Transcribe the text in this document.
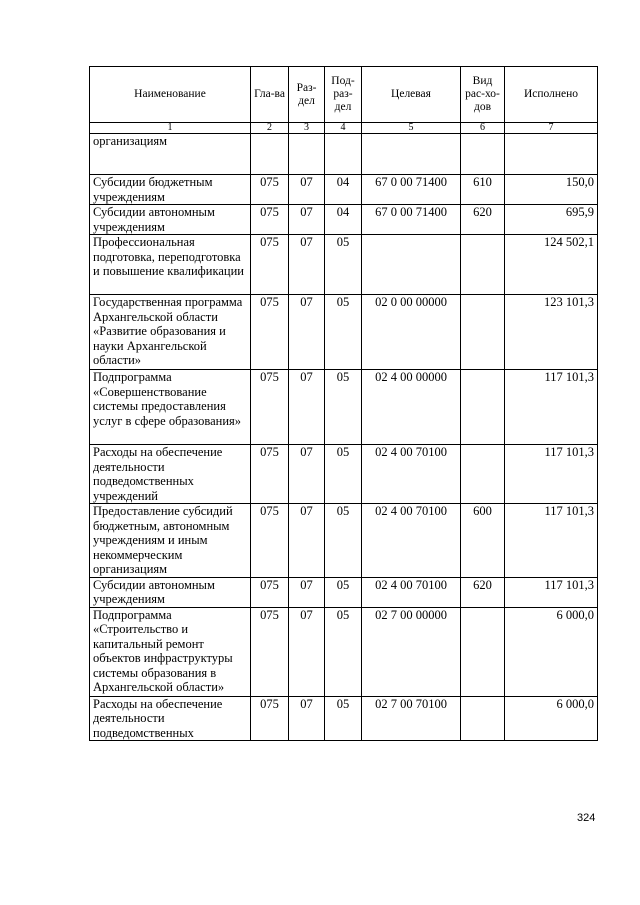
Наименование	Гла-ва	Раз-дел	Под-раз-дел	Целевая	Вид рас-хо-дов	Исполнено
1	2	3	4	5	6	7
организациям						
Субсидии бюджетным учреждениям	075	07	04	67 0 00 71400	610	150,0
Субсидии автономным учреждениям	075	07	04	67 0 00 71400	620	695,9
Профессиональная подготовка, переподготовка и повышение квалификации	075	07	05			124 502,1
Государственная программа Архангельской области «Развитие образования и науки Архангельской области»	075	07	05	02 0 00 00000		123 101,3
Подпрограмма «Совершенствование системы предоставления услуг в сфере образования»	075	07	05	02 4 00 00000		117 101,3
Расходы на обеспечение деятельности подведомственных учреждений	075	07	05	02 4 00 70100		117 101,3
Предоставление субсидий бюджетным, автономным учреждениям и иным некоммерческим организациям	075	07	05	02 4 00 70100	600	117 101,3
Субсидии автономным учреждениям	075	07	05	02 4 00 70100	620	117 101,3
Подпрограмма «Строительство и капитальный ремонт объектов инфраструктуры системы образования в Архангельской области»	075	07	05	02 7 00 00000		6 000,0
Расходы на обеспечение деятельности подведомственных	075	07	05	02 7 00 70100		6 000,0
324
